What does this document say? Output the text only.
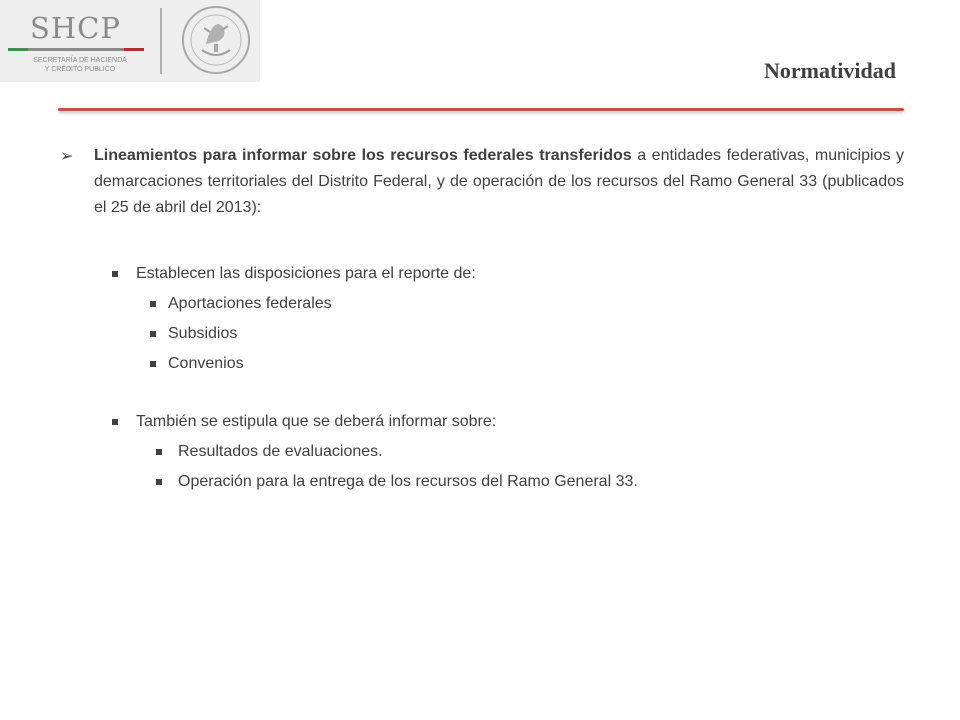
SHCP
SECRETARÍA DE HACIENDA
Y CRÉDITO PÚBLICO	Normatividad
➢ Lineamientos para informar sobre los recursos federales transferidos a entidades federativas, municipios y demarcaciones territoriales del Distrito Federal, y de operación de los recursos del Ramo General 33 (publicados el 25 de abril del 2013):
Establecen las disposiciones para el reporte de:
Aportaciones federales
Subsidios
Convenios
También se estipula que se deberá informar sobre:
Resultados de evaluaciones.
Operación para la entrega de los recursos del Ramo General 33.
